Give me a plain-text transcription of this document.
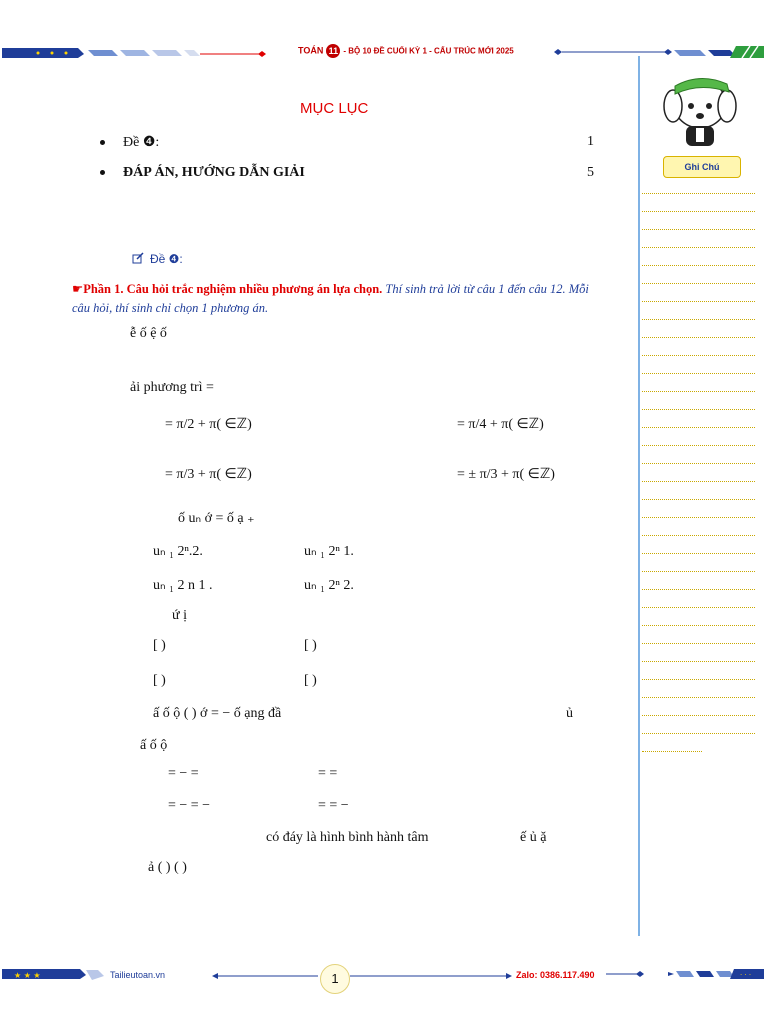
TOÁN 11 - BỘ 10 ĐỀ CUỐI KỲ 1 - CẤU TRÚC MỚI 2025
Ghi Chú
MỤC LỤC
Đề ❹:	1
ĐÁP ÁN, HƯỚNG DẪN GIẢI	5
Đề ❹:
☛Phần 1. Câu hỏi trắc nghiệm nhiều phương án lựa chọn. Thí sinh trả lời từ câu 1 đến câu 12. Mỗi câu hỏi, thí sinh chỉ chọn 1 phương án.
ễ ố ệ ố
ải phương trì =
= π/2 + π( ∈ℤ)	= π/4 + π( ∈ℤ)
= π/3 + π( ∈ℤ)	= ± π/3 + π( ∈ℤ)
ố uₙ ớ = ố ạ ₊
uₙ ₁ 2ⁿ.2.	uₙ ₁ 2ⁿ 1.
uₙ ₁ 2 n 1 .	uₙ ₁ 2ⁿ 2.
ứ ị
[ )	[ )
[ )	[ )
ấ ố ộ ( ) ớ = − ố ạng đầ	ủ
ấ ố ộ
= − =	= =
= − = −	= = −
có đáy là hình bình hành tâm	ế ủ ặ
ả ( ) ( )
★ ★ ★	Tailieutoan.vn	1	Zalo: 0386.117.490	· · ·
